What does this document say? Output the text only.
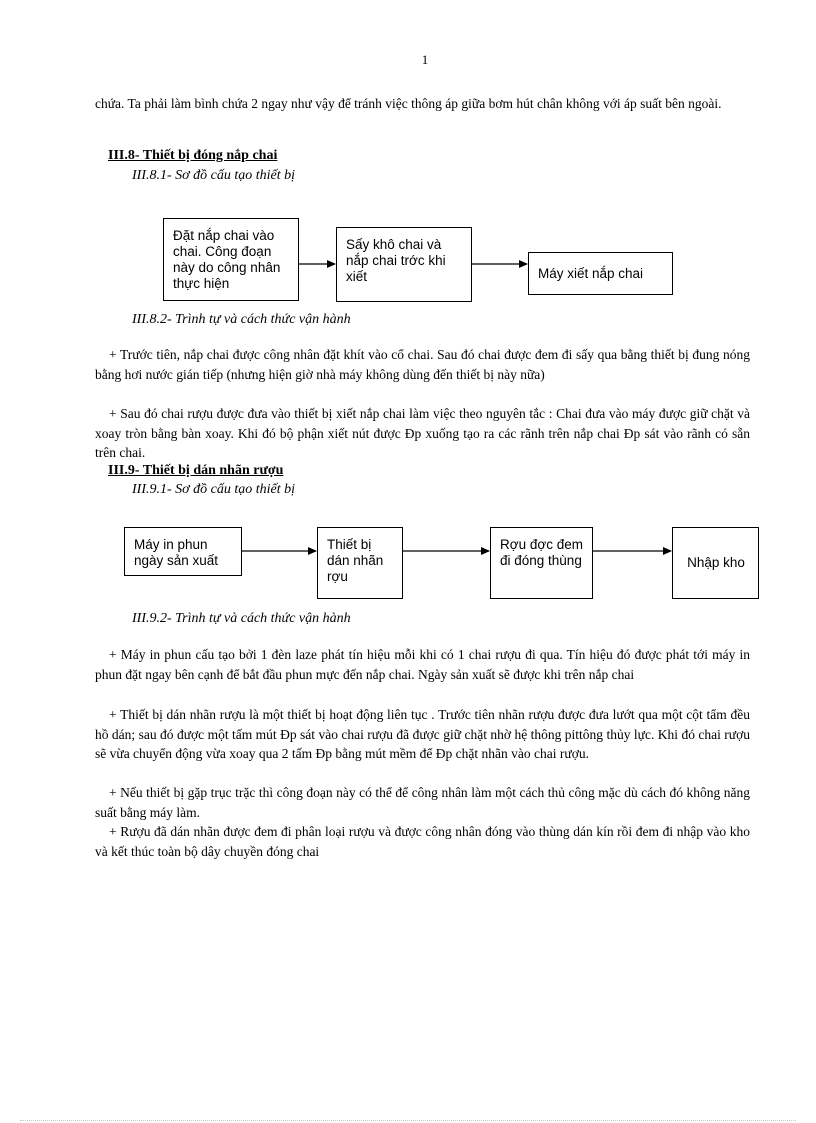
1

chứa. Ta phải làm bình chứa 2 ngay như vậy để tránh việc thông áp giữa bơm hút chân không với áp suất bên ngoài.

III.8- Thiết bị đóng nắp chai
III.8.1- Sơ đồ cấu tạo thiết bị
Đặt nắp chai vào chai. Công đoạn này do công nhân thực hiện
Sấy khô chai và nắp chai trớc khi xiết	Máy xiết nắp chai
III.8.2- Trình tự và cách thức vận hành

+ Trước tiên, nắp chai được công nhân đặt khít vào cổ chai. Sau đó chai được đem đi sấy qua bằng thiết bị đung nóng bằng hơi nước gián tiếp (nhưng hiện giờ nhà máy không dùng đến thiết bị này nữa)

+ Sau đó chai rượu được đưa vào thiết bị xiết nắp chai làm việc theo nguyên tắc : Chai đưa vào máy được giữ chặt và xoay tròn bằng bàn xoay. Khi đó bộ phận xiết nút được Đp xuống tạo ra các rãnh trên nắp chai Đp sát vào rãnh có sẵn trên chai.

III.9- Thiết bị dán nhãn rượu
III.9.1- Sơ đồ cấu tạo thiết bị
Máy in phun ngày sản xuất
Thiết bị dán nhãn rợu
Rợu đợc đem đi đóng thùng	Nhập kho
III.9.2- Trình tự và cách thức vận hành

+ Máy in phun cấu tạo bởi 1 đèn laze phát tín hiệu mỗi khi có 1 chai rượu đi qua. Tín hiệu đó được phát tới máy in phun đặt ngay bên cạnh để bắt đầu phun mực đến nắp chai. Ngày sản xuất sẽ được khi trên nắp chai

+ Thiết bị dán nhãn rượu là một thiết bị hoạt động liên tục . Trước tiên nhãn rượu được đưa lướt qua một cột tẩm đều hồ dán; sau đó được một tấm mút Đp sát vào chai rượu đã được giữ chặt nhờ hệ thông pittông thủy lực. Khi đó chai rượu sẽ vừa chuyển động vừa xoay qua 2 tấm Đp bằng mút mềm để Đp chặt nhãn vào chai rượu.

+ Nếu thiết bị gặp trục trặc thì công đoạn này có thể để công nhân làm một cách thủ công mặc dù cách đó không năng suất bằng máy làm.

+ Rượu đã dán nhãn được đem đi phân loại rượu và được công nhân đóng vào thùng dán kín rồi đem đi nhập vào kho và kết thúc toàn bộ dây chuyền đóng chai
